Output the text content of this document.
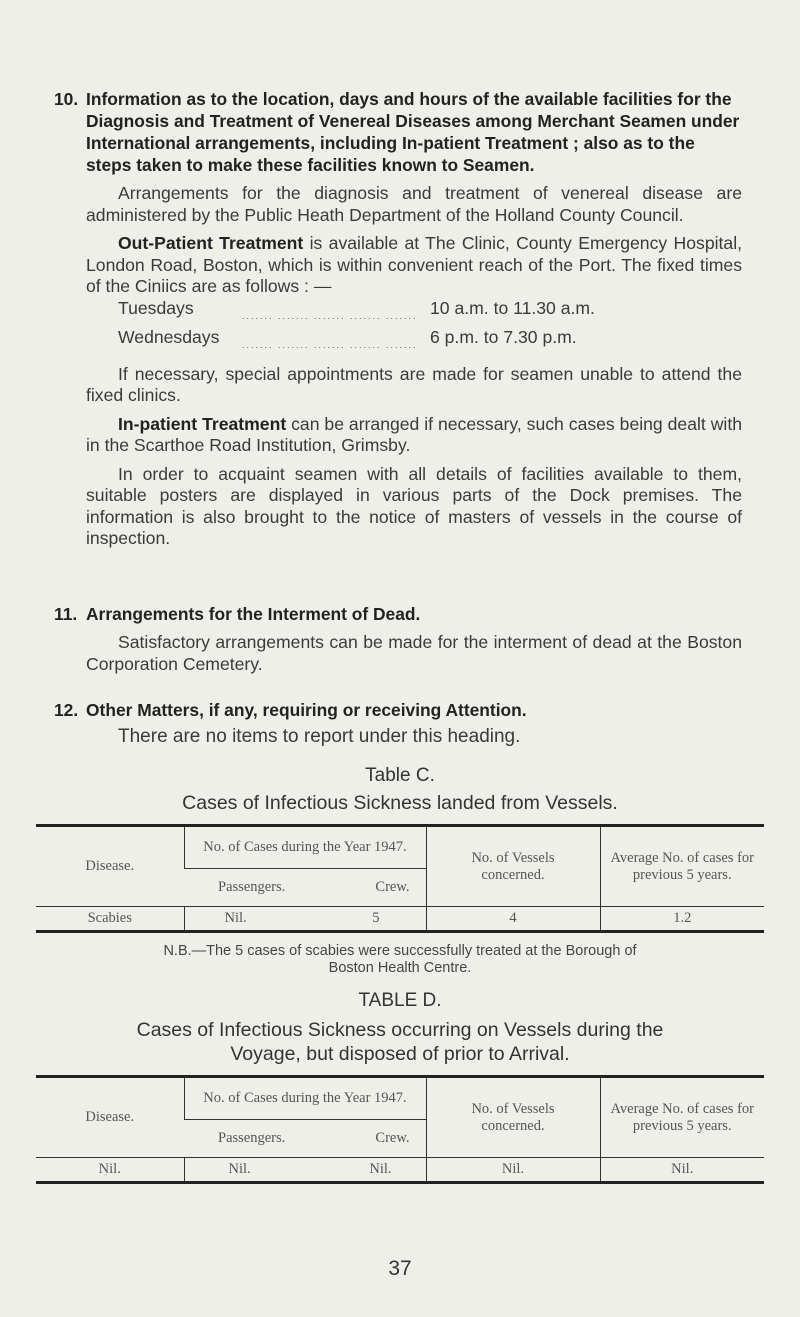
10. Information as to the location, days and hours of the available facilities for the Diagnosis and Treatment of Venereal Diseases among Merchant Seamen under International arrangements, including In-patient Treatment ; also as to the steps taken to make these facilities known to Seamen.
Arrangements for the diagnosis and treatment of venereal disease are administered by the Public Heath Department of the Holland County Council.
Out-Patient Treatment is available at The Clinic, County Emergency Hospital, London Road, Boston, which is within convenient reach of the Port. The fixed times of the Ciniics are as follows : —
Tuesdays	....... ....... ....... ....... ....... 10 a.m. to 11.30 a.m.
Wednesdays	....... ....... ....... ....... ....... 6 p.m. to 7.30 p.m.
If necessary, special appointments are made for seamen unable to attend the fixed clinics.
In-patient Treatment can be arranged if necessary, such cases being dealt with in the Scarthoe Road Institution, Grimsby.
In order to acquaint seamen with all details of facilities available to them, suitable posters are displayed in various parts of the Dock premises. The information is also brought to the notice of masters of vessels in the course of inspection.
11. Arrangements for the Interment of Dead.
Satisfactory arrangements can be made for the interment of dead at the Boston Corporation Cemetery.
12. Other Matters, if any, requiring or receiving Attention.
There are no items to report under this heading.
Table C.
Cases of Infectious Sickness landed from Vessels.
Disease.	No. of Cases during the Year 1947.	No. of Vessels concerned.	Average No. of cases for previous 5 years.

	Passengers. Crew.		

Scabies	Nil. 5	4	1.2
N.B.—The 5 cases of scabies were successfully treated at the Borough of Boston Health Centre.
TABLE D.
Cases of Infectious Sickness occurring on Vessels during the Voyage, but disposed of prior to Arrival.
Disease.	No. of Cases during the Year 1947.	No. of Vessels concerned.	Average No. of cases for previous 5 years.

	Passengers. Crew.		

Nil.	Nil. Nil.	Nil.	Nil.
37
